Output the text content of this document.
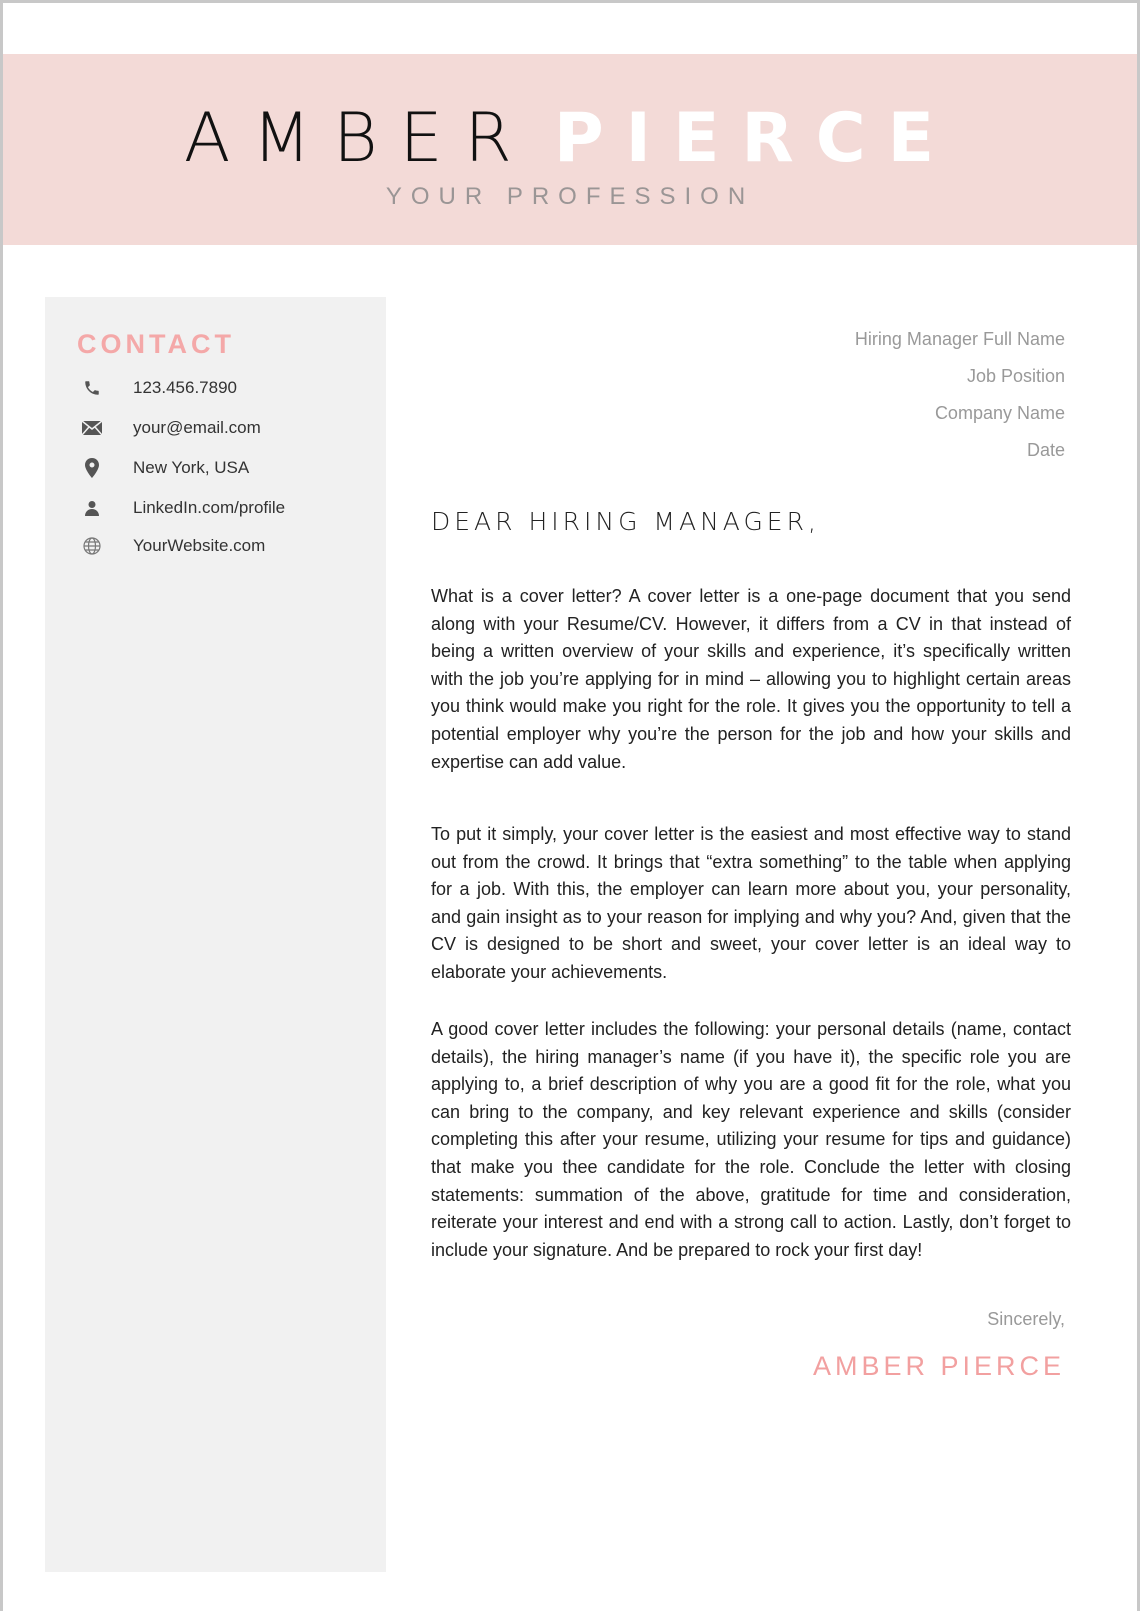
AMBER PIERCE
YOUR PROFESSION
CONTACT
123.456.7890
your@email.com
New York, USA
LinkedIn.com/profile
YourWebsite.com
Hiring Manager Full Name
Job Position
Company Name
Date
DEAR HIRING MANAGER,
What is a cover letter? A cover letter is a one-page document that you send along with your Resume/CV. However, it differs from a CV in that instead of being a written overview of your skills and experience, it’s specifically written with the job you’re applying for in mind – allowing you to highlight certain areas you think would make you right for the role. It gives you the opportunity to tell a potential employer why you’re the person for the job and how your skills and expertise can add value.
To put it simply, your cover letter is the easiest and most effective way to stand out from the crowd. It brings that “extra something” to the table when applying for a job. With this, the employer can learn more about you, your personality, and gain insight as to your reason for implying and why you? And, given that the CV is designed to be short and sweet, your cover letter is an ideal way to elaborate your achievements.
A good cover letter includes the following: your personal details (name, contact details), the hiring manager’s name (if you have it), the specific role you are applying to, a brief description of why you are a good fit for the role, what you can bring to the company, and key relevant experience and skills (consider completing this after your resume, utilizing your resume for tips and guidance) that make you thee candidate for the role. Conclude the letter with closing statements: summation of the above, gratitude for time and consideration, reiterate your interest and end with a strong call to action. Lastly, don’t forget to include your signature. And be prepared to rock your first day!
Sincerely,
AMBER PIERCE
